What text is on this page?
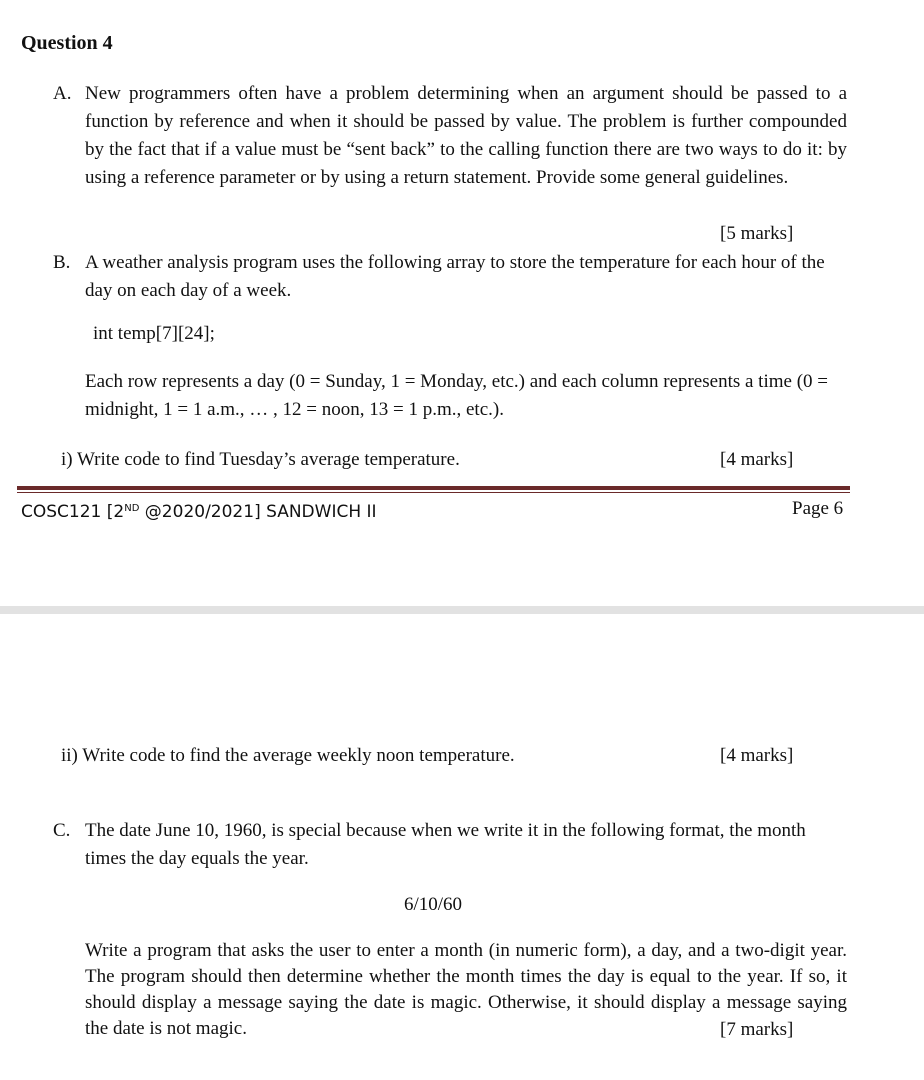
Question 4
A. New programmers often have a problem determining when an argument should be passed to a function by reference and when it should be passed by value. The problem is further compounded by the fact that if a value must be “sent back” to the calling function there are two ways to do it: by using a reference parameter or by using a return statement. Provide some general guidelines.
[5 marks]
B. A weather analysis program uses the following array to store the temperature for each hour of the day on each day of a week.
int temp[7][24];
Each row represents a day (0 = Sunday, 1 = Monday, etc.) and each column represents a time (0 = midnight, 1 = 1 a.m., … , 12 = noon, 13 = 1 p.m., etc.).
i) Write code to find Tuesday’s average temperature.	[4 marks]
COSC121 [2ND @2020/2021] SANDWICH II	Page 6
ii) Write code to find the average weekly noon temperature.	[4 marks]
C. The date June 10, 1960, is special because when we write it in the following format, the month times the day equals the year.
6/10/60
Write a program that asks the user to enter a month (in numeric form), a day, and a two-digit year. The program should then determine whether the month times the day is equal to the year. If so, it should display a message saying the date is magic. Otherwise, it should display a message saying the date is not magic.	[7 marks]
